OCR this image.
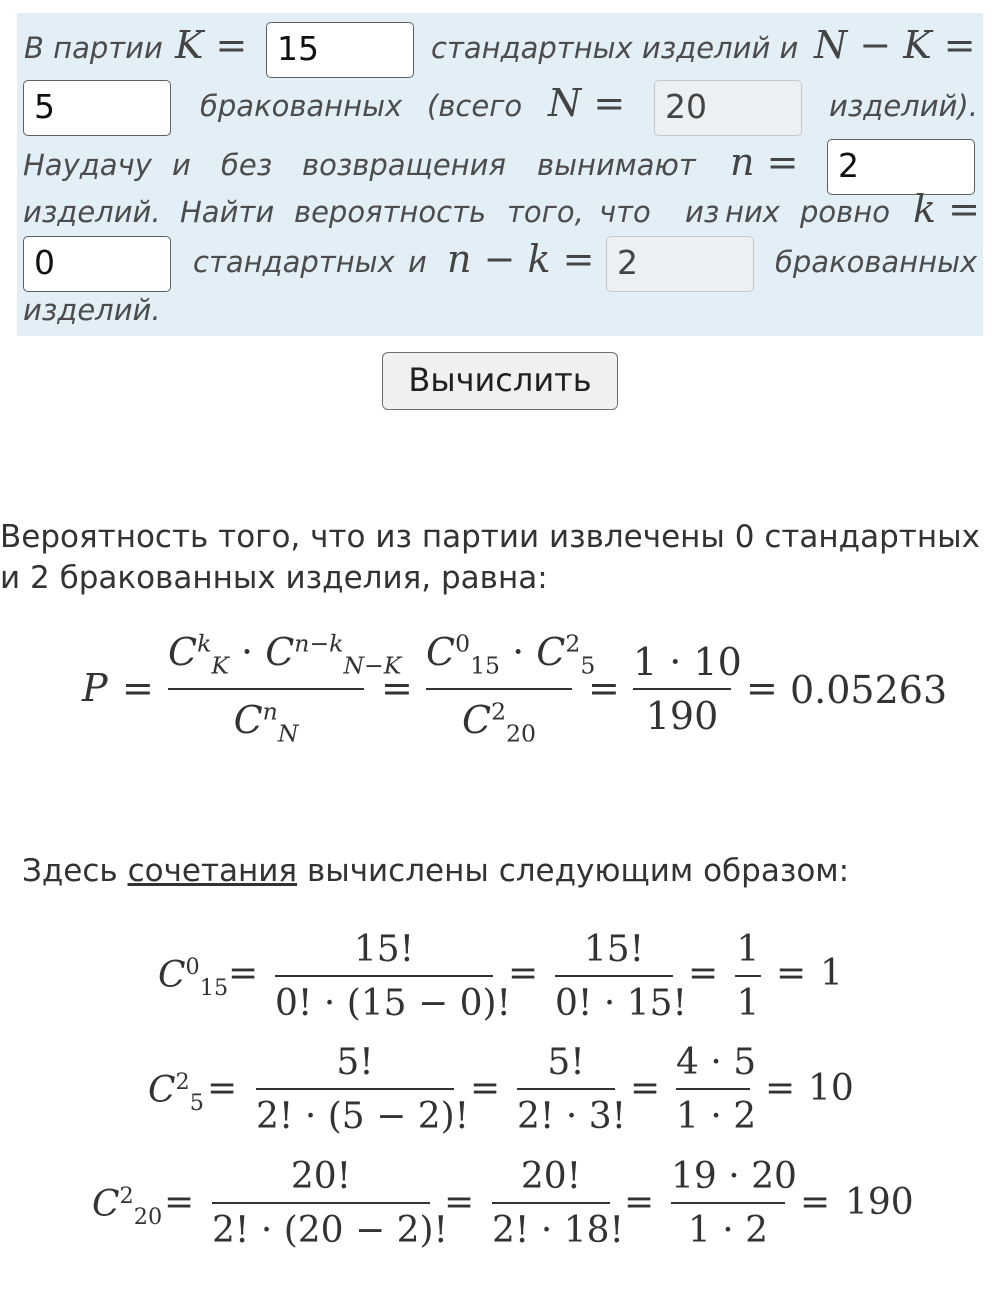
В партии K = 15	стандартных изделий и N − K =
5	бракованных (всего N =	20	изделий).
Наудачу и без возвращения вынимают n =	2
изделий. Найти вероятность того, что из них ровно k =
0	стандартных и n − k = 2	бракованных
изделий.
Вычислить

Вероятность того, что из партии извлечены 0 стандартных и 2 бракованных изделия, равна:

P =
$C^k_K \cdot C^{n-k}_{N-K}$
$C^n_N$
=
$C^0_{15} \cdot C^2_5$
$C^2_{20}$
=
1 · 10
190
= 0.05263

Здесь сочетания вычислены следующим образом:

$C^0_{15}$ =
15!
0! · (15 − 0)!
=
15!
0! · 15!
=
1
1
= 1
$C^2_5$ =
5!
2! · (5 − 2)!
=
5!
2! · 3!
=
4 · 5
1 · 2
= 10
$C^2_{20}$ =
20!
2! · (20 − 2)!
=
20!
2! · 18!
=
19 · 20
1 · 2
= 190
